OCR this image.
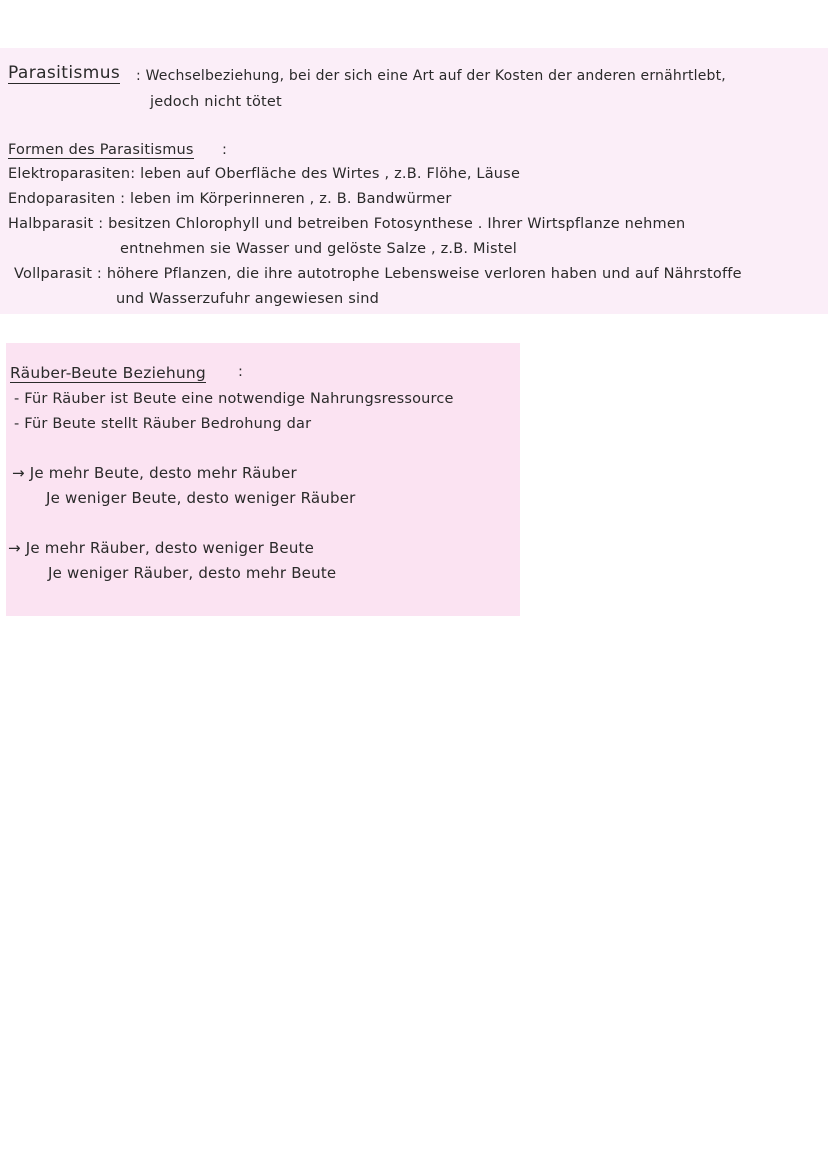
Parasitismus : Wechselbeziehung, bei der sich eine Art auf der Kosten der anderen ernährtlebt,
jedoch nicht tötet
Formen des Parasitismus :
Elektroparasiten: leben auf Oberfläche des Wirtes , z.B. Flöhe, Läuse
Endoparasiten : leben im Körperinneren , z. B. Bandwürmer
Halbparasit : besitzen Chlorophyll und betreiben Fotosynthese . Ihrer Wirtspflanze nehmen
entnehmen sie Wasser und gelöste Salze , z.B. Mistel
Vollparasit : höhere Pflanzen, die ihre autotrophe Lebensweise verloren haben und auf Nährstoffe
und Wasserzufuhr angewiesen sind
Räuber-Beute Beziehung :
- Für Räuber ist Beute eine notwendige Nahrungsressource
- Für Beute stellt Räuber Bedrohung dar
→ Je mehr Beute, desto mehr Räuber
Je weniger Beute, desto weniger Räuber
→ Je mehr Räuber, desto weniger Beute
Je weniger Räuber, desto mehr Beute
